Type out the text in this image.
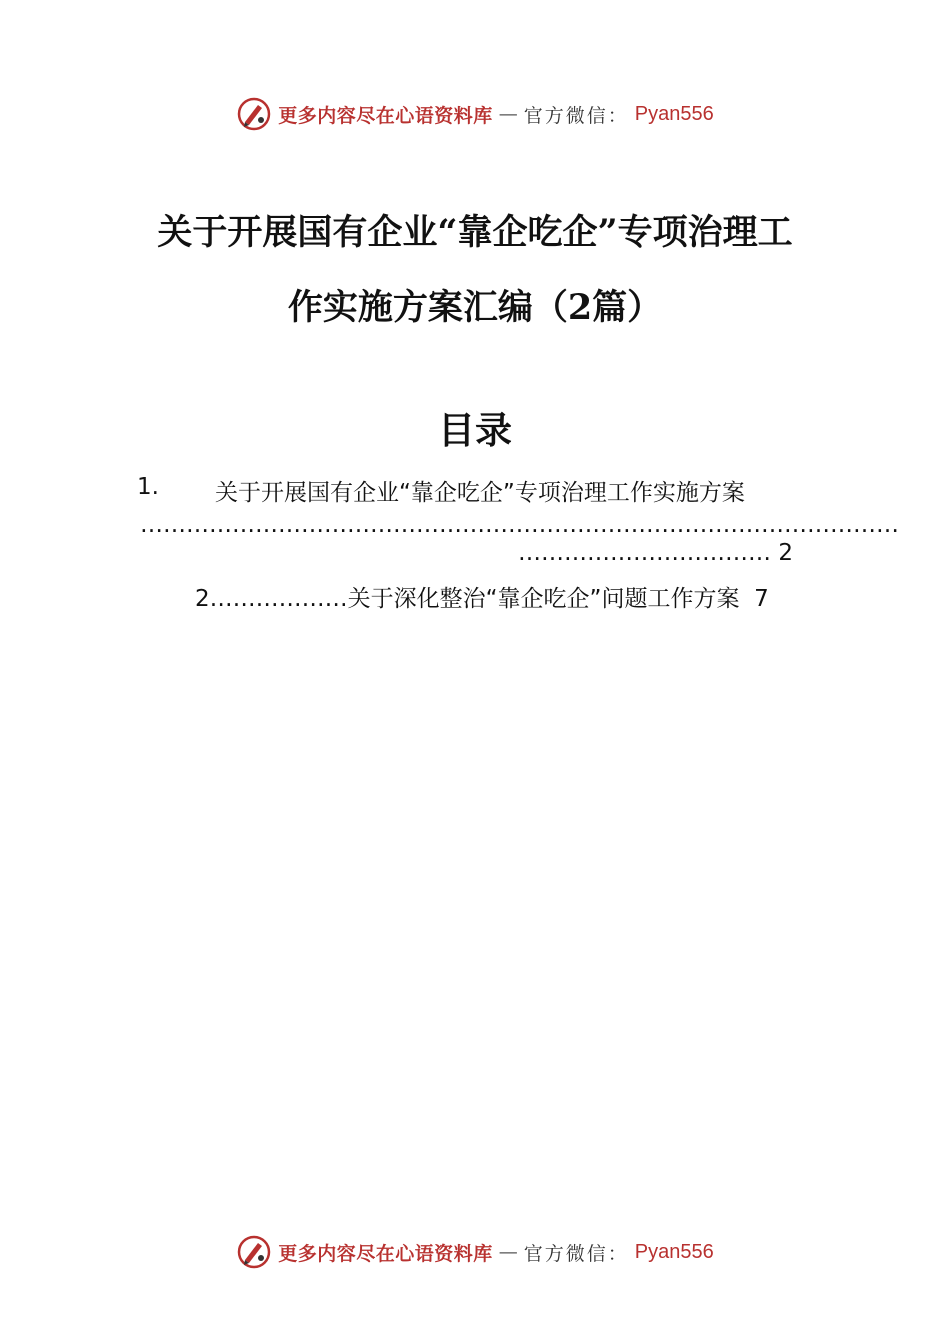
更多内容尽在心语资料库 — 官方微信： Pyan556
关于开展国有企业“靠企吃企”专项治理工
作实施方案汇编（2篇）
目录
1. 关于开展国有企业“靠企吃企”专项治理工作实施方案
………………………………………………………………………………………
…………………………… 2
2………………关于深化整治“靠企吃企”问题工作方案 7
更多内容尽在心语资料库 — 官方微信： Pyan556
